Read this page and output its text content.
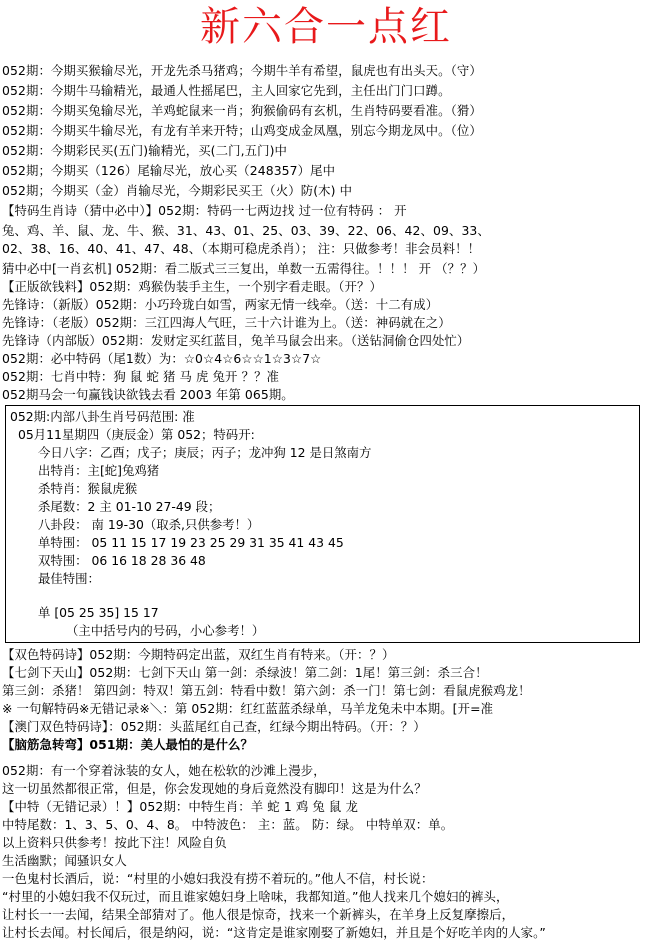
新六合一点红
052期：今期买猴输尽光，开龙先杀马猪鸡；今期牛羊有希望，鼠虎也有出头天。（守）
052期：今期牛马输精光，最通人性摇尾巴，主人回家它先到，主任出门门口蹲。
052期：今期买兔输尽光，羊鸡蛇鼠来一肖；狗猴偷码有玄机，生肖特码要看准。（猾）
052期：今期买牛输尽光，有龙有羊来开特；山鸡变成金凤凰，别忘今期龙凤中。（位）
052期：今期彩民买(五门)输精光，买(二门,五门)中
052期；今期买（126）尾输尽光，放心买（248357）尾中
052期；今期买（金）肖输尽光，今期彩民买王（火）防(木) 中
【特码生肖诗（猜中必中）】052期：特码一七两边找 过一位有特码 ： 开
兔、鸡、羊、鼠、龙、牛、猴、31、43、01、25、03、39、22、06、42、09、33、
02、38、16、40、41、47、48、（本期可稳虎杀肖）； 注：只做参考！非会员料！！
猜中必中[一肖玄机] 052期：看二版式三三复出，单数一五需得往。！！！ 开 （？？）
【正版欲钱料】052期：鸡猴伪装手主生，一个别字看走眼。（开？）
先锋诗：（新版）052期：小巧玲珑白如雪，两家无情一线牵。（送：十二有成）
先锋诗：（老版）052期：三江四海人气旺，三十六计谁为上。（送：神码就在之）
先锋诗（内部版）052期：发财定买红蓝目，兔羊马鼠会出来。（送钻洞偷仓四处忙）
052期：必中特码（尾1数）为：☆0☆4☆6☆☆1☆3☆7☆
052期：七肖中特：狗 鼠 蛇 猪 马 虎 兔开 ？？准
052期马会一句赢钱诀欲钱去看 2003 年第 065期。
052期:内部八卦生肖号码范围: 准
05月11星期四（庚辰金）第 052；特码开:
今日八字：乙酉；戊子；庚辰；丙子；龙冲狗 12 是日煞南方
出特肖：主[蛇]兔鸡猪
杀特肖：猴鼠虎猴
杀尾数：2 主 01-10 27-49 段；
八卦段： 南 19-30（取杀,只供参考！）
单特围： 05 11 15 17 19 23 25 29 31 35 41 43 45
双特围： 06 16 18 28 36 48
最佳特围：
单 [05 25 35] 15 17
（主中括号内的号码，小心参考！）
【双色特码诗】052期：今期特码定出蓝，双红生肖有特来。（开：？）
【七剑下天山】052期：七剑下天山 第一剑：杀绿波！第二剑：1尾！第三剑：杀三合！
第三剑：杀猪！ 第四剑：特双！第五剑：特看中数！第六剑：杀一门！第七剑：看鼠虎猴鸡龙！
※ 一句解特码※无错记录※＼：第 052期：红红蓝蓝杀绿单，马羊龙兔未中本期。[开=准
【澳门双色特码诗】：052期：头蓝尾红自己查，红绿今期出特码。（开：？）
【脑筋急转弯】051期：美人最怕的是什么？
052期：有一个穿着泳装的女人，她在松软的沙滩上漫步，
这一切虽然都很正常，但是，你会发现她的身后竟然没有脚印！这是为什么？
【中特（无错记录）！】052期：中特生肖：羊 蛇 1 鸡 兔 鼠 龙
中特尾数：1、3、5、0、4、8。 中特波色： 主：蓝。 防：绿。 中特单双：单。
以上资料只供参考！按此下注！风险自负
生活幽默；闻骚识女人
一色鬼村长酒后，说：“村里的小媳妇我没有捞不着玩的。”他人不信，村长说：
“村里的小媳妇我不仅玩过，而且谁家媳妇身上啥味，我都知道。”他人找来几个媳妇的裤头，
让村长一一去闻，结果全部猜对了。他人很是惊奇，找来一个新裤头，在羊身上反复摩擦后，
让村长去闻。村长闻后，很是纳闷，说：“这肯定是谁家刚娶了新媳妇，并且是个好吃羊肉的人家。”
